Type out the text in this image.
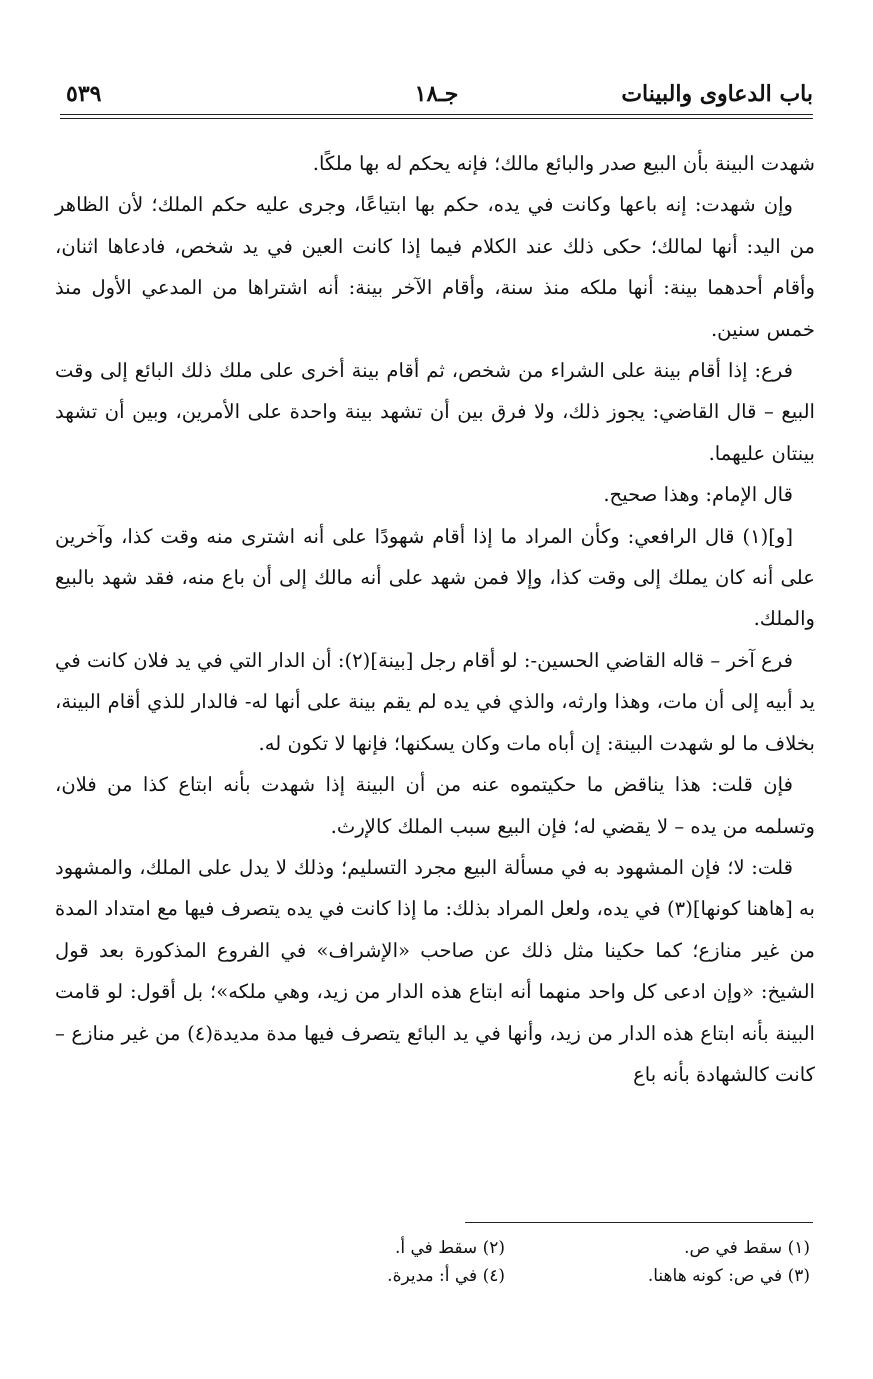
باب الدعاوى والبينات
جـ١٨
٥٣٩

شهدت البينة بأن البيع صدر والبائع مالك؛ فإنه يحكم له بها ملكًا.

وإن شهدت: إنه باعها وكانت في يده، حكم بها ابتياعًا، وجرى عليه حكم الملك؛ لأن الظاهر من اليد: أنها لمالك؛ حكى ذلك عند الكلام فيما إذا كانت العين في يد شخص، فادعاها اثنان، وأقام أحدهما بينة: أنها ملكه منذ سنة، وأقام الآخر بينة: أنه اشتراها من المدعي الأول منذ خمس سنين.

فرع: إذا أقام بينة على الشراء من شخص، ثم أقام بينة أخرى على ملك ذلك البائع إلى وقت البيع – قال القاضي: يجوز ذلك، ولا فرق بين أن تشهد بينة واحدة على الأمرين، وبين أن تشهد بينتان عليهما.

قال الإمام: وهذا صحيح.

[و](١) قال الرافعي: وكأن المراد ما إذا أقام شهودًا على أنه اشترى منه وقت كذا، وآخرين على أنه كان يملك إلى وقت كذا، وإلا فمن شهد على أنه مالك إلى أن باع منه، فقد شهد بالبيع والملك.

فرع آخر – قاله القاضي الحسين-: لو أقام رجل [بينة](٢): أن الدار التي في يد فلان كانت في يد أبيه إلى أن مات، وهذا وارثه، والذي في يده لم يقم بينة على أنها له- فالدار للذي أقام البينة، بخلاف ما لو شهدت البينة: إن أباه مات وكان يسكنها؛ فإنها لا تكون له.

فإن قلت: هذا يناقض ما حكيتموه عنه من أن البينة إذا شهدت بأنه ابتاع كذا من فلان، وتسلمه من يده – لا يقضي له؛ فإن البيع سبب الملك كالإرث.

قلت: لا؛ فإن المشهود به في مسألة البيع مجرد التسليم؛ وذلك لا يدل على الملك، والمشهود به [هاهنا كونها](٣) في يده، ولعل المراد بذلك: ما إذا كانت في يده يتصرف فيها مع امتداد المدة من غير منازع؛ كما حكينا مثل ذلك عن صاحب «الإشراف» في الفروع المذكورة بعد قول الشيخ: «وإن ادعى كل واحد منهما أنه ابتاع هذه الدار من زيد، وهي ملكه»؛ بل أقول: لو قامت البينة بأنه ابتاع هذه الدار من زيد، وأنها في يد البائع يتصرف فيها مدة مديدة(٤) من غير منازع – كانت كالشهادة بأنه باع

(١) سقط في ص.
(٢) سقط في أ.
(٣) في ص: كونه هاهنا.
(٤) في أ: مديرة.
